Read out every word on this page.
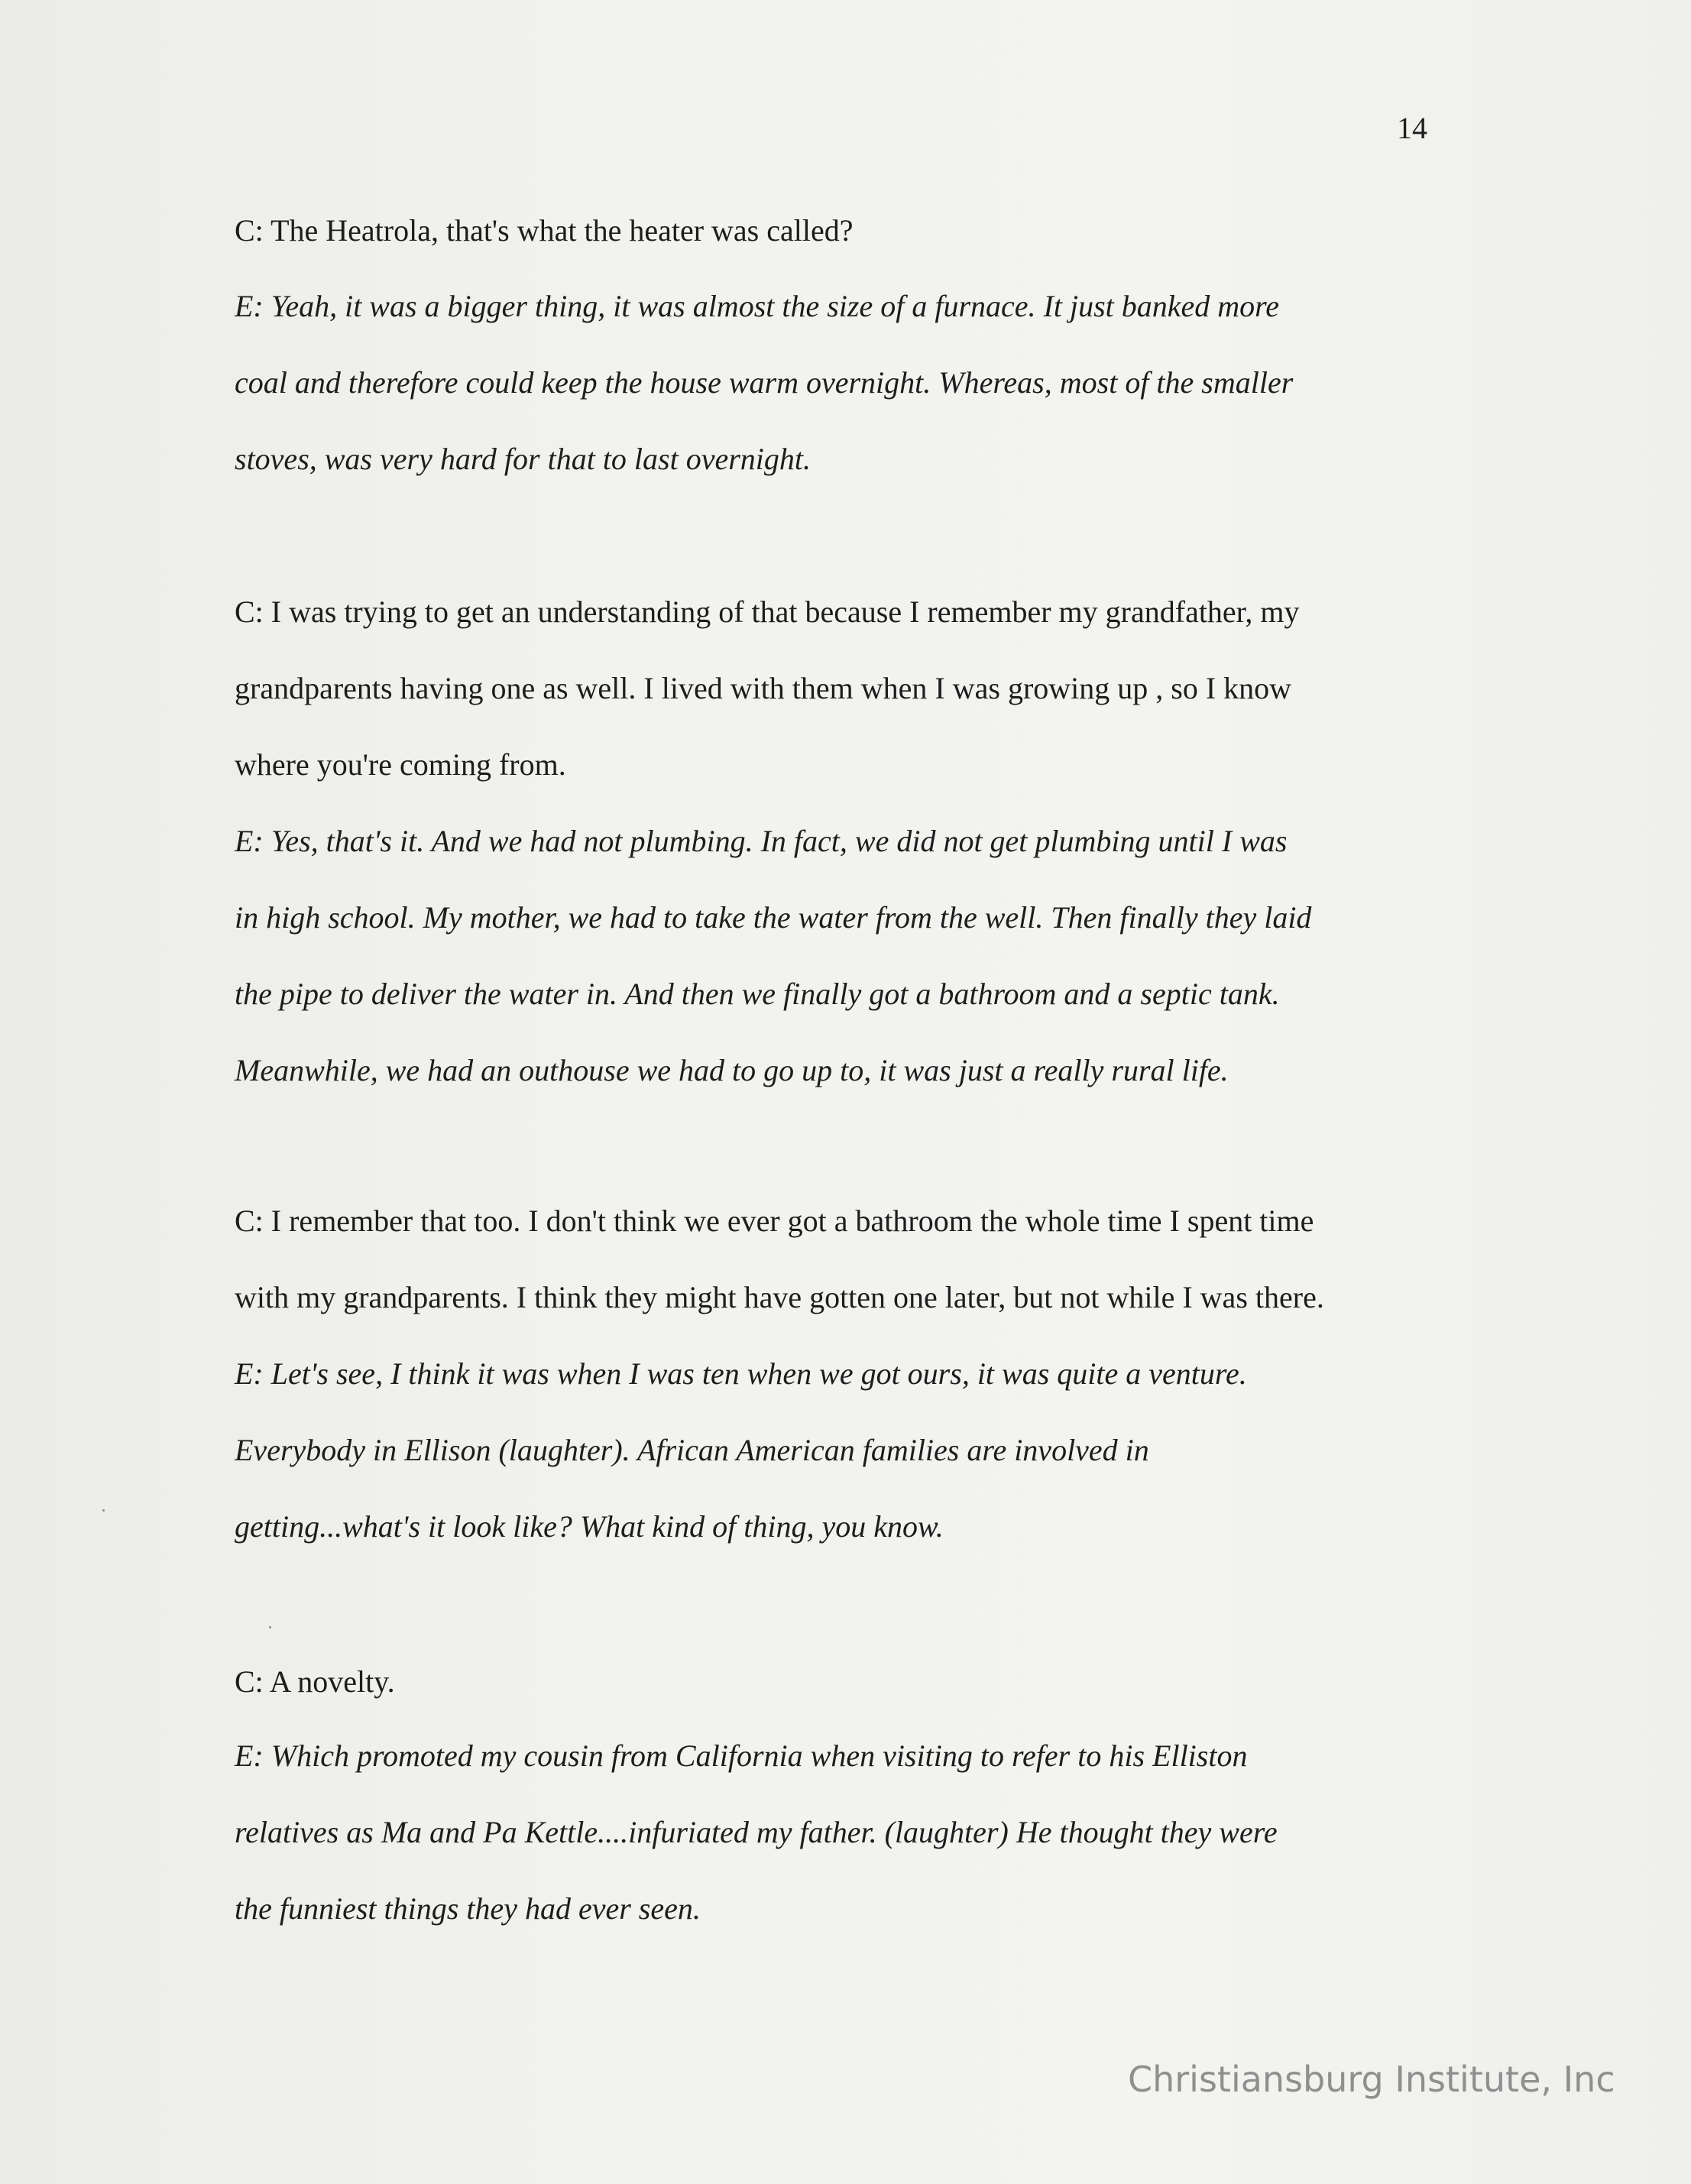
14
C: The Heatrola, that's what the heater was called?
E: Yeah, it was a bigger thing, it was almost the size of a furnace. It just banked more
coal and therefore could keep the house warm overnight. Whereas, most of the smaller
stoves, was very hard for that to last overnight.
C: I was trying to get an understanding of that because I remember my grandfather, my
grandparents having one as well. I lived with them when I was growing up , so I know
where you're coming from.
E: Yes, that's it. And we had not plumbing. In fact, we did not get plumbing until I was
in high school. My mother, we had to take the water from the well. Then finally they laid
the pipe to deliver the water in. And then we finally got a bathroom and a septic tank.
Meanwhile, we had an outhouse we had to go up to, it was just a really rural life.
C: I remember that too. I don't think we ever got a bathroom the whole time I spent time
with my grandparents. I think they might have gotten one later, but not while I was there.
E: Let's see, I think it was when I was ten when we got ours, it was quite a venture.
Everybody in Ellison (laughter). African American families are involved in
getting...what's it look like? What kind of thing, you know.
C: A novelty.
E: Which promoted my cousin from California when visiting to refer to his Elliston
relatives as Ma and Pa Kettle....infuriated my father. (laughter) He thought they were
the funniest things they had ever seen.
Christiansburg Institute, Inc
